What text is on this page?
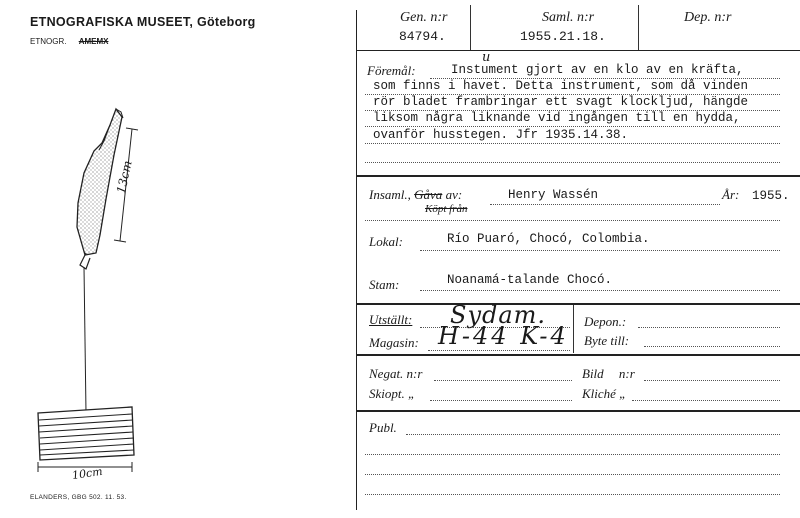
ETNOGRAFISKA MUSEET, Göteborg
ETNOGR. AMEMX
13cm
10cm
ELANDERS, GBG 502. 11. 53.
Gen. n:r
84794.
Saml. n:r
1955.21.18.
Dep. n:r
Föremål:
u
Instument gjort av en klo av en kräfta,
som finns i havet. Detta instrument, som då vinden
rör bladet frambringar ett svagt klockljud, hängde
liksom några liknande vid ingången till en hydda,
ovanför husstegen. Jfr 1935.14.38.
Insaml., Gåva av:
Köpt från
Henry Wassén	År: 1955.
Lokal:	Río Puaró, Chocó, Colombia.
Stam:	Noanamá-talande Chocó.
Utställt: Sydam.
Magasin: H-44 K-4
Depon.:
Byte till:
Negat. n:r	Bild n:r
Skiopt. „	Kliché „
Publ.
